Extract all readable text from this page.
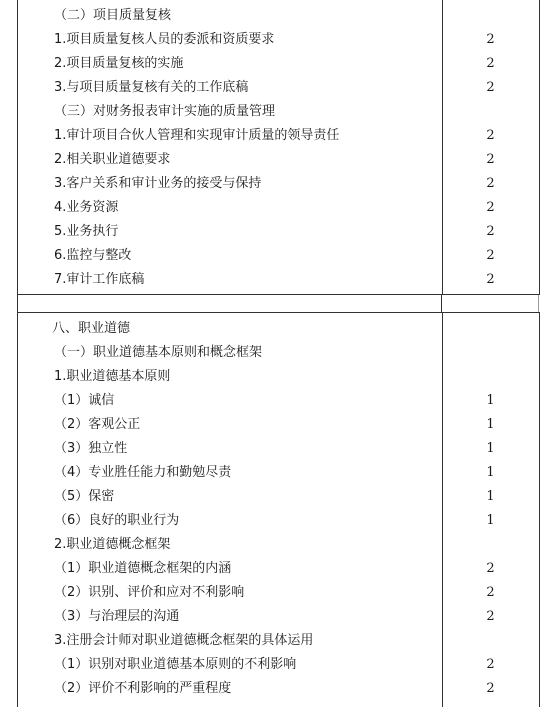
（二）项目质量复核
1.项目质量复核人员的委派和资质要求	2
2.项目质量复核的实施	2
3.与项目质量复核有关的工作底稿	2
（三）对财务报表审计实施的质量管理
1.审计项目合伙人管理和实现审计质量的领导责任	2
2.相关职业道德要求	2
3.客户关系和审计业务的接受与保持	2
4.业务资源	2
5.业务执行	2
6.监控与整改	2
7.审计工作底稿	2
八、职业道德
（一）职业道德基本原则和概念框架
1.职业道德基本原则
（1）诚信	1
（2）客观公正	1
（3）独立性	1
（4）专业胜任能力和勤勉尽责	1
（5）保密	1
（6）良好的职业行为	1
2.职业道德概念框架
（1）职业道德概念框架的内涵	2
（2）识别、评价和应对不利影响	2
（3）与治理层的沟通	2
3.注册会计师对职业道德概念框架的具体运用
（1）识别对职业道德基本原则的不利影响	2
（2）评价不利影响的严重程度	2
